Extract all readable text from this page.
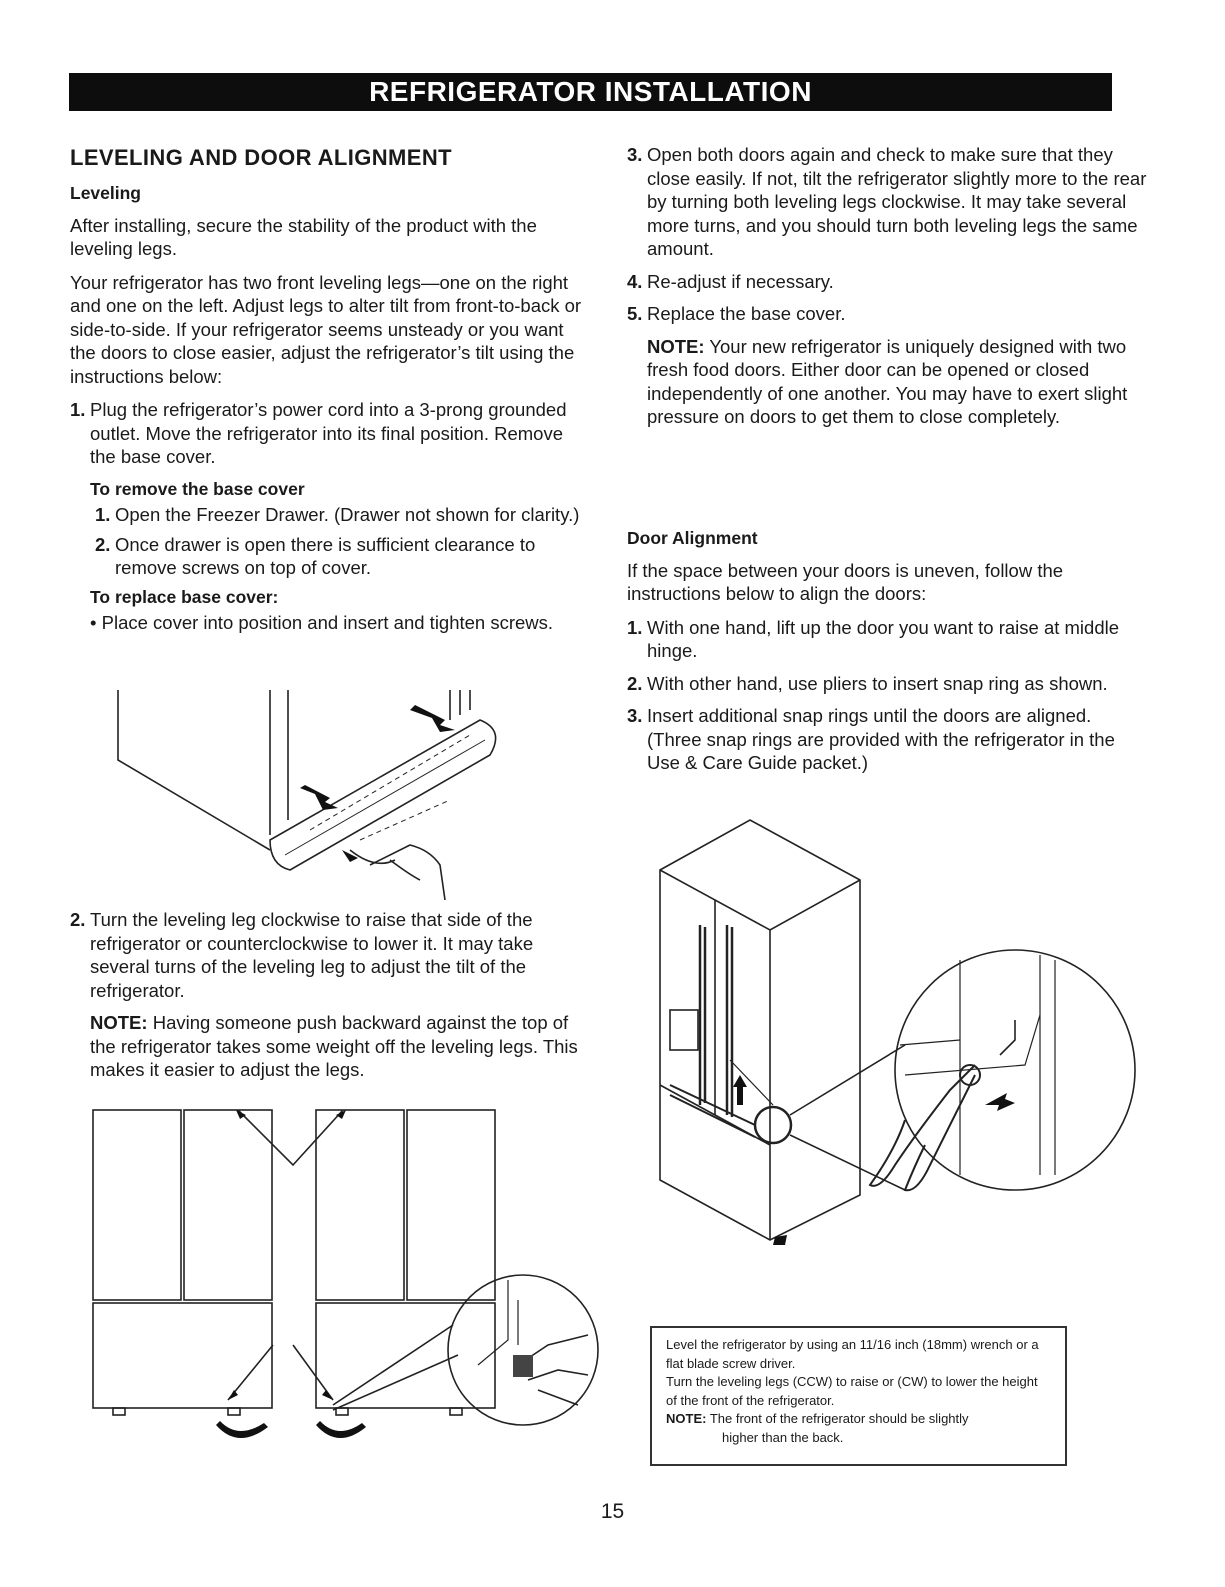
REFRIGERATOR INSTALLATION
LEVELING AND DOOR ALIGNMENT
Leveling

After installing, secure the stability of the product with the leveling legs.

Your refrigerator has two front leveling legs—one on the right and one on the left. Adjust legs to alter tilt from front-to-back or side-to-side. If your refrigerator seems unsteady or you want the doors to close easier, adjust the refrigerator’s tilt using the instructions below:

1. Plug the refrigerator’s power cord into a 3-prong grounded outlet. Move the refrigerator into its final position. Remove the base cover.
To remove the base cover
1. Open the Freezer Drawer. (Drawer not shown for clarity.)
2. Once drawer is open there is sufficient clearance to remove screws on top of cover.
To replace base cover:
• Place cover into position and insert and tighten screws.
2. Turn the leveling leg clockwise to raise that side of the refrigerator or counterclockwise to lower it. It may take several turns of the leveling leg to adjust the tilt of the refrigerator.
NOTE: Having someone push backward against the top of the refrigerator takes some weight off the leveling legs. This makes it easier to adjust the legs.
3. Open both doors again and check to make sure that they close easily. If not, tilt the refrigerator slightly more to the rear by turning both leveling legs clockwise. It may take several more turns, and you should turn both leveling legs the same amount.
4. Re-adjust if necessary.
5. Replace the base cover.
NOTE: Your new refrigerator is uniquely designed with two fresh food doors. Either door can be opened or closed independently of one another. You may have to exert slight pressure on doors to get them to close completely.
Door Alignment

If the space between your doors is uneven, follow the instructions below to align the doors:

1. With one hand, lift up the door you want to raise at middle hinge.
2. With other hand, use pliers to insert snap ring as shown.
3. Insert additional snap rings until the doors are aligned. (Three snap rings are provided with the refrigerator in the Use & Care Guide packet.)
Level the refrigerator by using an 11/16 inch (18mm) wrench or a flat blade screw driver.
Turn the leveling legs (CCW) to raise or (CW) to lower the height of the front of the refrigerator.
NOTE: The front of the refrigerator should be slightly
higher than the back.
15
